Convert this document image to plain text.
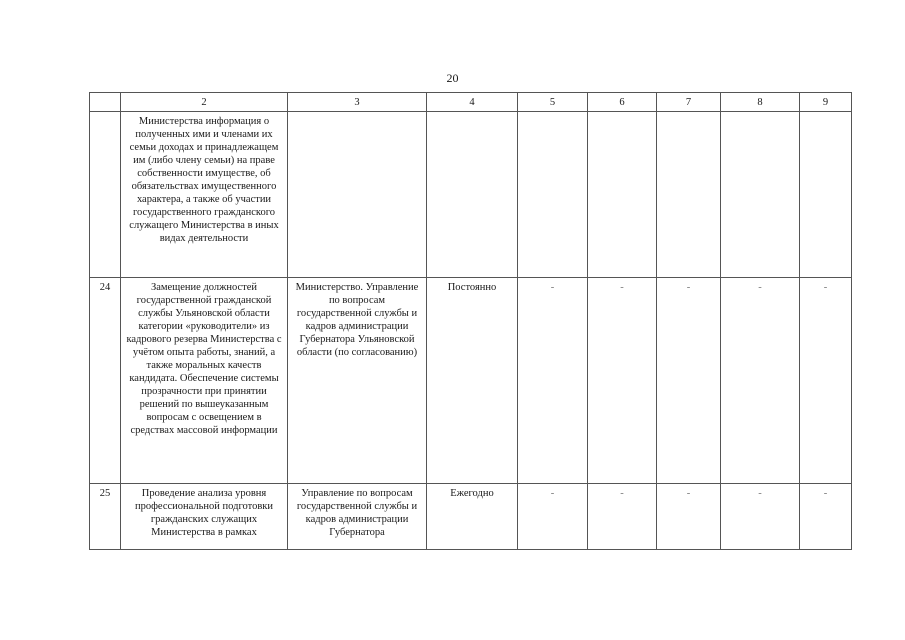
20
	2	3	4	5	6	7	8	9
	Министерства информация о полученных ими и членами их семьи доходах и принадлежащем им (либо члену семьи) на праве собственности имуществе, об обязательствах имущественного характера, а также об участии государственного гражданского служащего Министерства в иных видах деятельности							
24	Замещение должностей государственной гражданской службы Ульяновской области категории «руководители» из кадрового резерва Министерства с учётом опыта работы, знаний, а также моральных качеств кандидата. Обеспечение системы прозрачности при принятии решений по вышеуказанным вопросам с освещением в средствах массовой информации	Министерство. Управление по вопросам государственной службы и кадров администрации Губернатора Ульяновской области (по согласованию)	Постоянно	-	-	-	-	-
25	Проведение анализа уровня профессиональной подготовки гражданских служащих Министерства в рамках	Управление по вопросам государственной службы и кадров администрации Губернатора	Ежегодно	-	-	-	-	-
